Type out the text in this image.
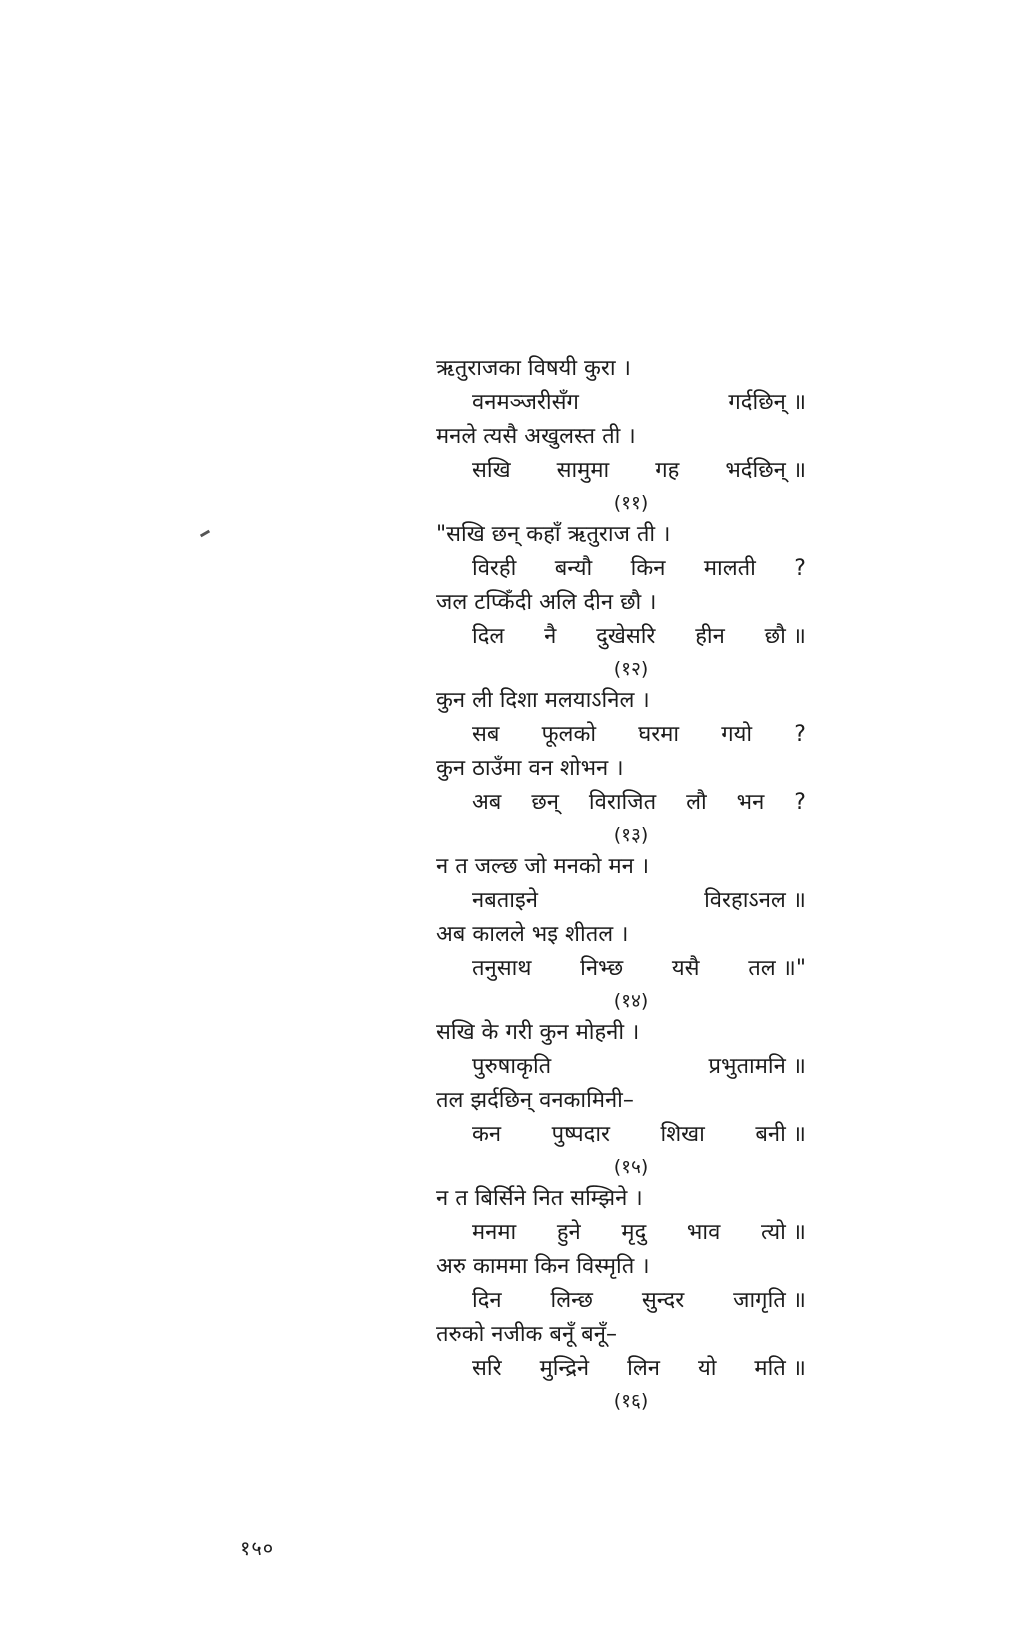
ऋतुराजका विषयी कुरा ।
वनमञ्जरीसँग	गर्दछिन् ॥
मनले त्यसै अखुलस्त ती ।
सखि सामुमा गह भर्दछिन् ॥
(११)
"सखि छन् कहाँ ऋतुराज ती ।
विरही बन्यौ किन मालती ?
जल टप्किँदी अलि दीन छौ ।
दिल नै दुखेसरि हीन छौ ॥
(१२)
कुन ली दिशा मलयाऽनिल ।
सब फूलको घरमा गयो ?
कुन ठाउँमा वन शोभन ।
अब छन् विराजित लौ भन ?
(१३)
न त जल्छ जो मनको मन ।
नबताइने	विरहाऽनल ॥
अब कालले भइ शीतल ।
तनुसाथ निभ्छ यसै तल ॥"
(१४)
सखि के गरी कुन मोहनी ।
पुरुषाकृति	प्रभुतामनि ॥
तल झर्दछिन् वनकामिनी–
कन पुष्पदार शिखा बनी ॥
(१५)
न त बिर्सिने नित सम्झिने ।
मनमा हुने मृदु भाव त्यो ॥
अरु काममा किन विस्मृति ।
दिन लिन्छ सुन्दर जागृति ॥
तरुको नजीक बनूँ बनूँ–
सरि मुन्द्रिने लिन यो मति ॥
(१६)
१५०
